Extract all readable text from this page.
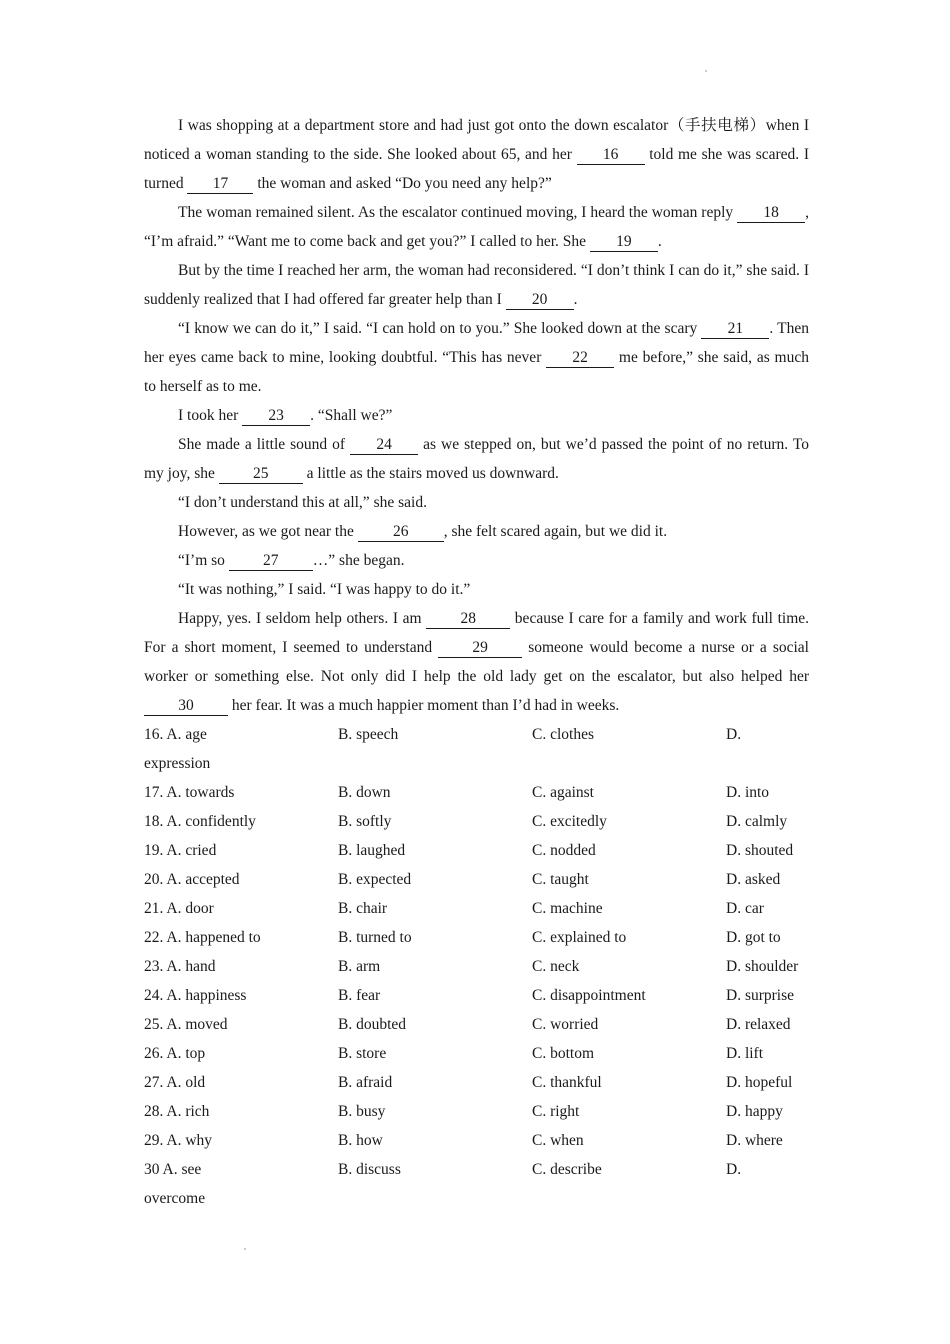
I was shopping at a department store and had just got onto the down escalator（手扶电梯）when I noticed a woman standing to the side. She looked about 65, and her 16 told me she was scared. I turned 17 the woman and asked “Do you need any help?”

The woman remained silent. As the escalator continued moving, I heard the woman reply 18 , “I’m afraid.” “Want me to come back and get you?” I called to her. She 19 .

But by the time I reached her arm, the woman had reconsidered. “I don’t think I can do it,” she said. I suddenly realized that I had offered far greater help than I 20 .

“I know we can do it,” I said. “I can hold on to you.” She looked down at the scary 21 . Then her eyes came back to mine, looking doubtful. “This has never 22 me before,” she said, as much to herself as to me.

I took her 23 . “Shall we?”

She made a little sound of 24 as we stepped on, but we’d passed the point of no return. To my joy, she 25 a little as the stairs moved us downward.

“I don’t understand this at all,” she said.

However, as we got near the 26 , she felt scared again, but we did it.

“I’m so 27 …” she began.

“It was nothing,” I said. “I was happy to do it.”

Happy, yes. I seldom help others. I am 28 because I care for a family and work full time. For a short moment, I seemed to understand 29 someone would become a nurse or a social worker or something else. Not only did I help the old lady get on the escalator, but also helped her 30 her fear. It was a much happier moment than I’d had in weeks.

16. A. age	B. speech	C. clothes	D.
expression
17. A. towards	B. down	C. against	D. into
18. A. confidently	B. softly	C. excitedly	D. calmly
19. A. cried	B. laughed	C. nodded	D. shouted
20. A. accepted	B. expected	C. taught	D. asked
21. A. door	B. chair	C. machine	D. car
22. A. happened to	B. turned to	C. explained to	D. got to
23. A. hand	B. arm	C. neck	D. shoulder
24. A. happiness	B. fear	C. disappointment	D. surprise
25. A. moved	B. doubted	C. worried	D. relaxed
26. A. top	B. store	C. bottom	D. lift
27. A. old	B. afraid	C. thankful	D. hopeful
28. A. rich	B. busy	C. right	D. happy
29. A. why	B. how	C. when	D. where
30 A. see	B. discuss	C. describe	D.
overcome
